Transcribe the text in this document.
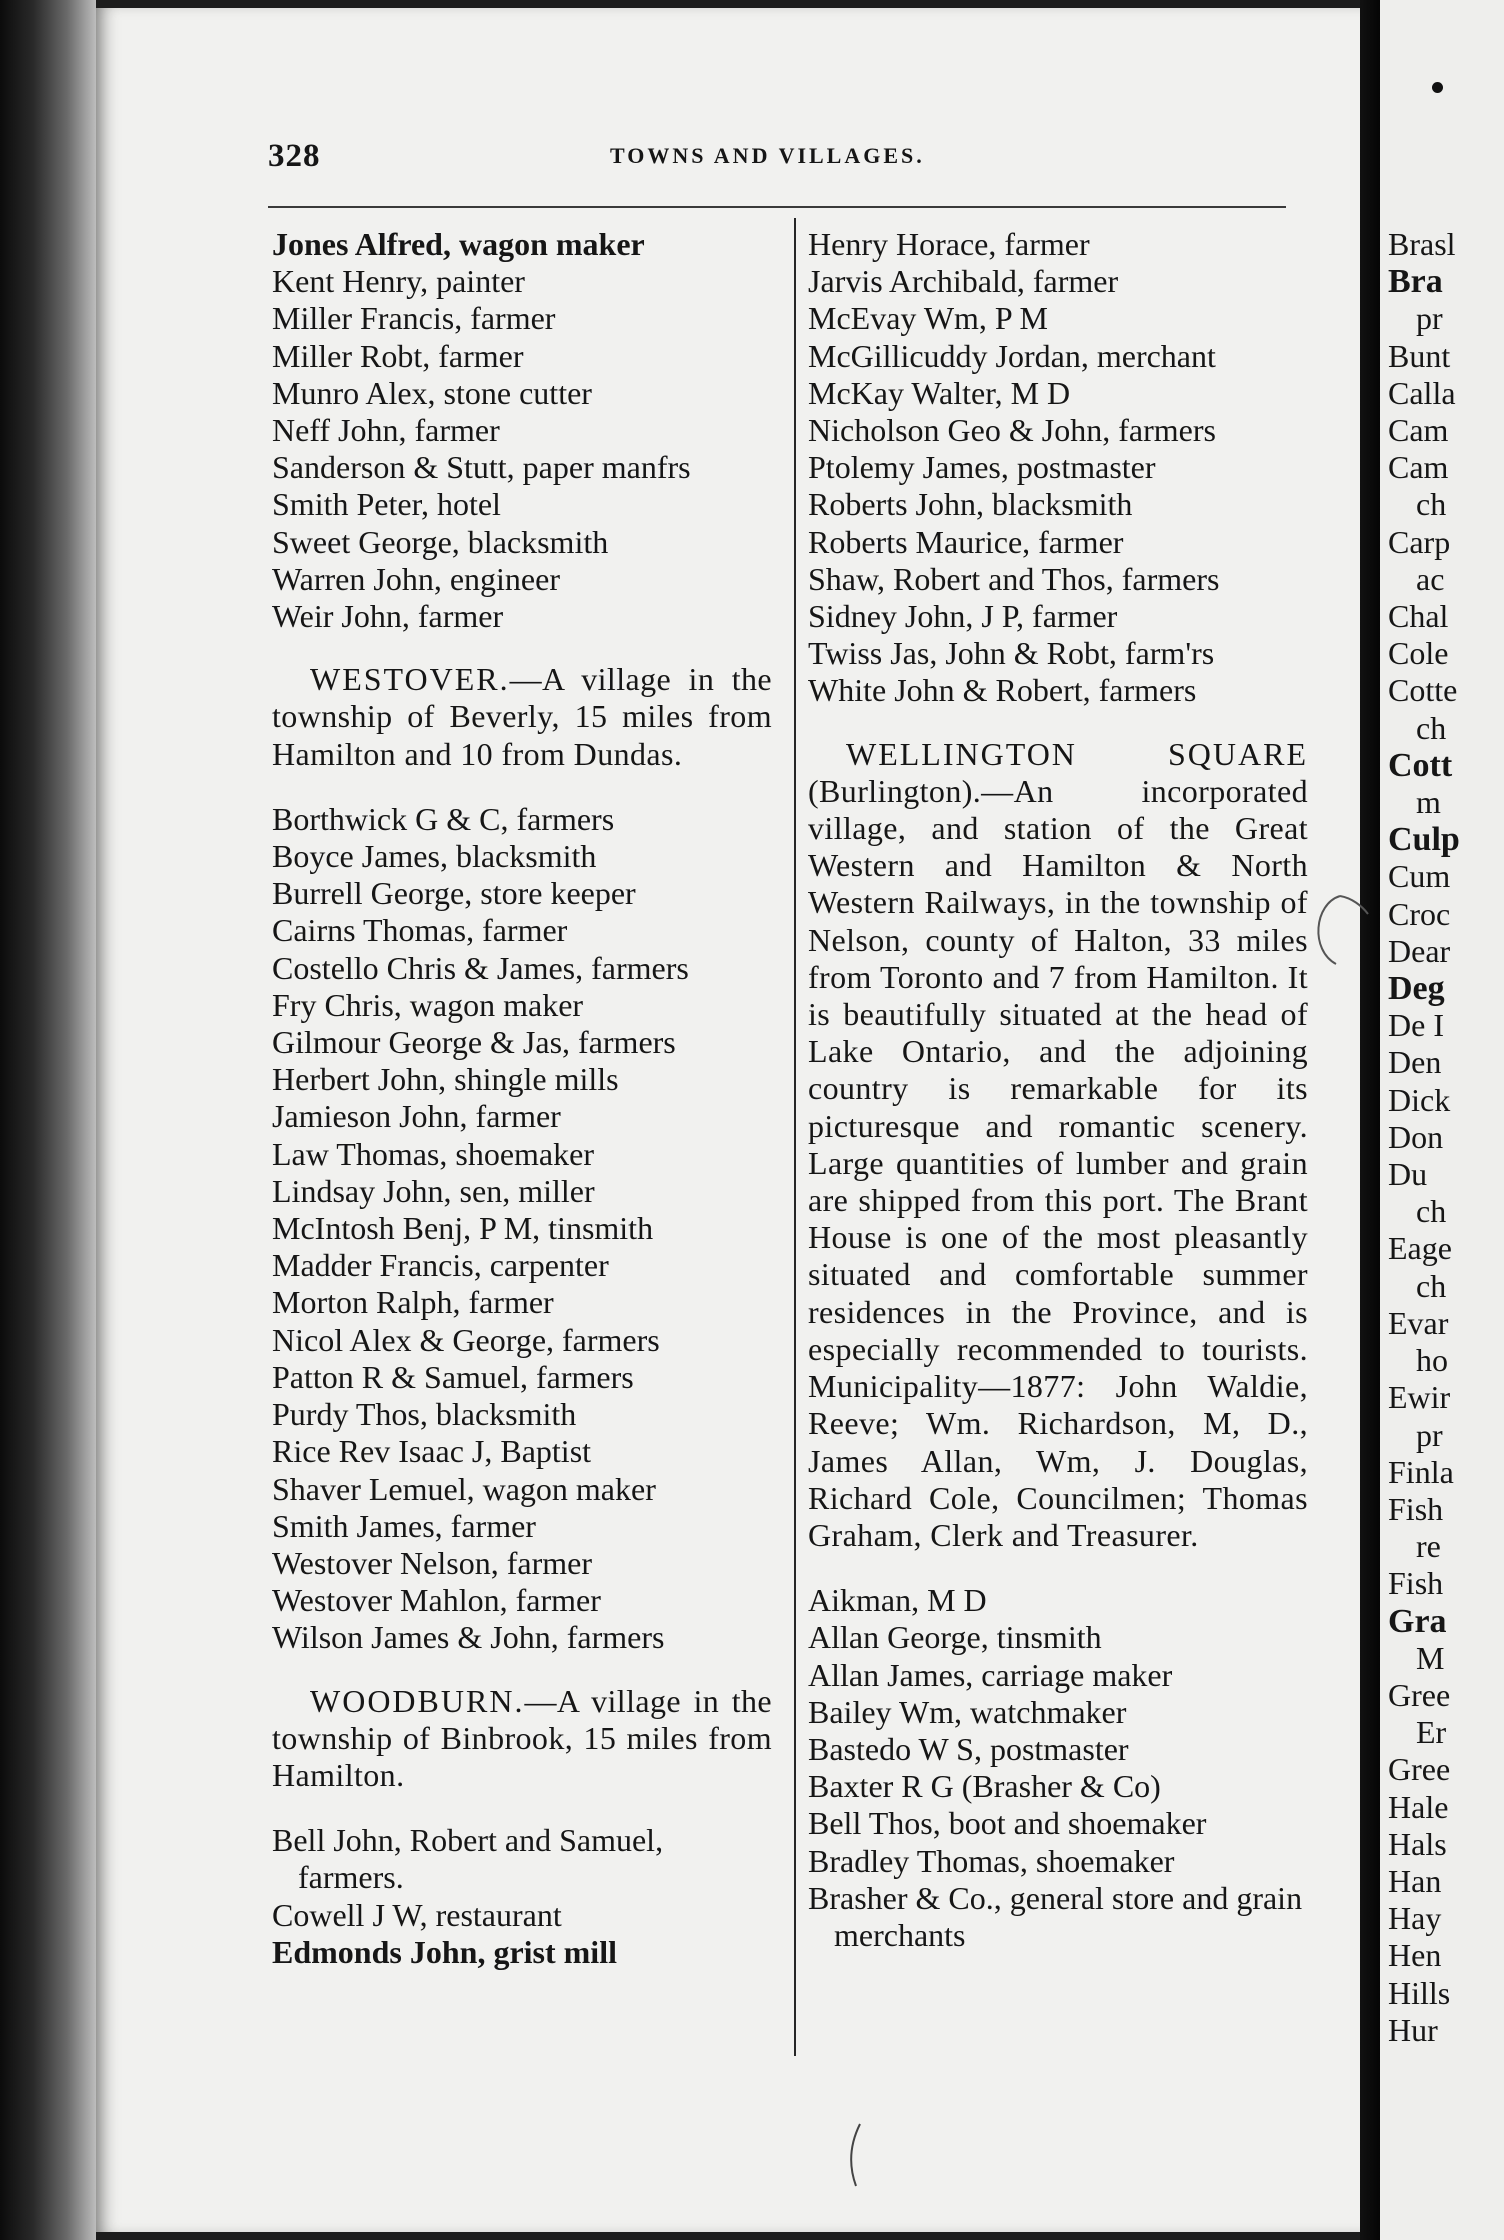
328	TOWNS AND VILLAGES.
Jones Alfred, wagon maker
Kent Henry, painter
Miller Francis, farmer
Miller Robt, farmer
Munro Alex, stone cutter
Neff John, farmer
Sanderson & Stutt, paper manfrs
Smith Peter, hotel
Sweet George, blacksmith
Warren John, engineer
Weir John, farmer

WESTOVER.—A village in the township of Beverly, 15 miles from Hamilton and 10 from Dundas.

Borthwick G & C, farmers
Boyce James, blacksmith
Burrell George, store keeper
Cairns Thomas, farmer
Costello Chris & James, farmers
Fry Chris, wagon maker
Gilmour George & Jas, farmers
Herbert John, shingle mills
Jamieson John, farmer
Law Thomas, shoemaker
Lindsay John, sen, miller
McIntosh Benj, P M, tinsmith
Madder Francis, carpenter
Morton Ralph, farmer
Nicol Alex & George, farmers
Patton R & Samuel, farmers
Purdy Thos, blacksmith
Rice Rev Isaac J, Baptist
Shaver Lemuel, wagon maker
Smith James, farmer
Westover Nelson, farmer
Westover Mahlon, farmer
Wilson James & John, farmers

WOODBURN.—A village in the township of Binbrook, 15 miles from Hamilton.

Bell John, Robert and Samuel, farmers.
Cowell J W, restaurant
Edmonds John, grist mill
Henry Horace, farmer
Jarvis Archibald, farmer
McEvay Wm, P M
McGillicuddy Jordan, merchant
McKay Walter, M D
Nicholson Geo & John, farmers
Ptolemy James, postmaster
Roberts John, blacksmith
Roberts Maurice, farmer
Shaw, Robert and Thos, farmers
Sidney John, J P, farmer
Twiss Jas, John & Robt, farm'rs
White John & Robert, farmers

WELLINGTON SQUARE (Burlington).—An incorporated village, and station of the Great Western and Hamilton & North Western Railways, in the township of Nelson, county of Halton, 33 miles from Toronto and 7 from Hamilton. It is beautifully situated at the head of Lake Ontario, and the adjoining country is remarkable for its picturesque and romantic scenery. Large quantities of lumber and grain are shipped from this port. The Brant House is one of the most pleasantly situated and comfortable summer residences in the Province, and is especially recommended to tourists. Municipality—1877: John Waldie, Reeve; Wm. Richardson, M, D., James Allan, Wm, J. Douglas, Richard Cole, Councilmen; Thomas Graham, Clerk and Treasurer.

Aikman, M D
Allan George, tinsmith
Allan James, carriage maker
Bailey Wm, watchmaker
Bastedo W S, postmaster
Baxter R G (Brasher & Co)
Bell Thos, boot and shoemaker
Bradley Thomas, shoemaker
Brasher & Co., general store and grain merchants
Brasl
Bra
pr
Bunt
Calla
Cam
Cam
ch
Carp
ac
Chal
Cole
Cotte
ch
Cott
m
Culp
Cum
Croc
Dear
Deg
De I
Den
Dick
Don
Du
ch
Eage
ch
Evar
ho
Ewir
pr
Finla
Fish
re
Fish
Gra
M
Gree
Er
Gree
Hale
Hals
Han
Hay
Hen
Hills
Hur
